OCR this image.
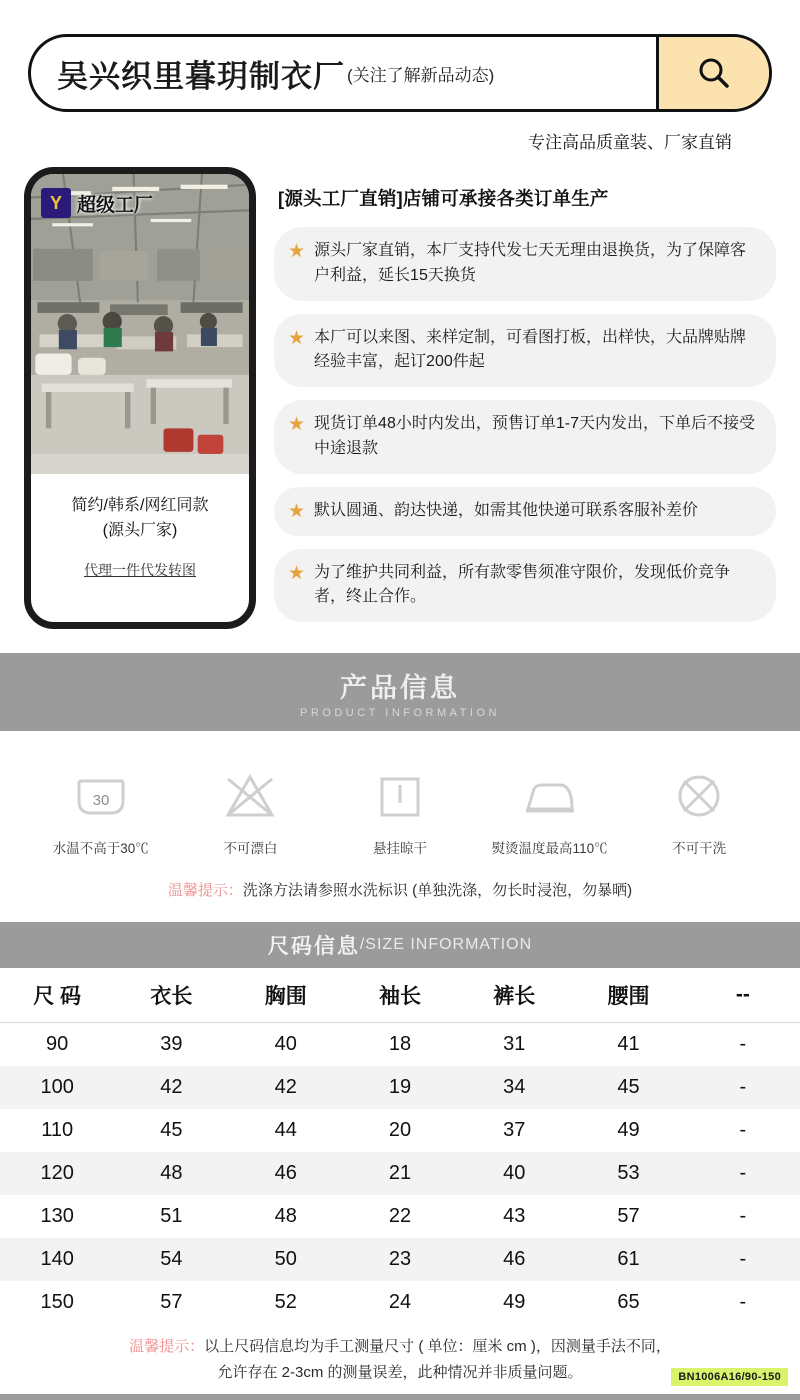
吴兴织里暮玥制衣厂 (关注了解新品动态)
专注高品质童装、厂家直销
Y 超级工厂
简约/韩系/网红同款
(源头厂家)
代理一件代发转图
[源头工厂直销]店铺可承接各类订单生产
★ 源头厂家直销，本厂支持代发七天无理由退换货，为了保障客户利益，延长15天换货
★ 本厂可以来图、来样定制，可看图打板，出样快，大品牌贴牌经验丰富，起订200件起
★ 现货订单48小时内发出，预售订单1-7天内发出，下单后不接受中途退款
★ 默认圆通、韵达快递，如需其他快递可联系客服补差价
★ 为了维护共同利益，所有款零售须准守限价，发现低价竞争者，终止合作。
产品信息
PRODUCT INFORMATION
30
水温不高于30℃	不可漂白	悬挂晾干	熨烫温度最高110℃	不可干洗
温馨提示：洗涤方法请参照水洗标识 (单独洗涤，勿长时浸泡，勿暴晒)
尺码信息 /SIZE INFORMATION
尺 码	衣长	胸围	袖长	裤长	腰围	--
90	39	40	18	31	41	-
100	42	42	19	34	45	-
110	45	44	20	37	49	-
120	48	46	21	40	53	-
130	51	48	22	43	57	-
140	54	50	23	46	61	-
150	57	52	24	49	65	-
温馨提示：以上尺码信息均为手工测量尺寸 ( 单位：厘米 cm )，因测量手法不同，
允许存在 2-3cm 的测量误差，此种情况并非质量问题。	BN1006A16/90-150
